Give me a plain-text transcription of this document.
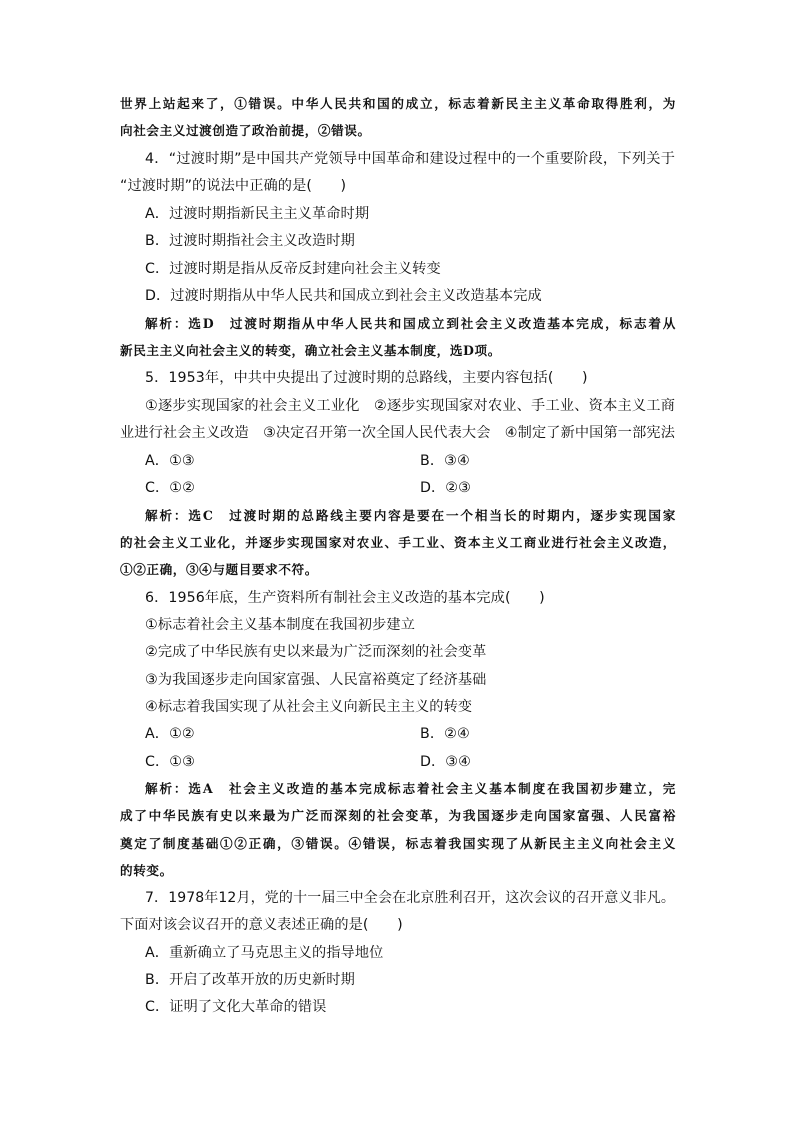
世界上站起来了，①错误。中华人民共和国的成立，标志着新民主主义革命取得胜利，为
向社会主义过渡创造了政治前提，②错误。
4．“过渡时期”是中国共产党领导中国革命和建设过程中的一个重要阶段，下列关于
“过渡时期”的说法中正确的是(　　)
A．过渡时期指新民主主义革命时期
B．过渡时期指社会主义改造时期
C．过渡时期是指从反帝反封建向社会主义转变
D．过渡时期指从中华人民共和国成立到社会主义改造基本完成
解析：选D　过渡时期指从中华人民共和国成立到社会主义改造基本完成，标志着从
新民主主义向社会主义的转变，确立社会主义基本制度，选D项。
5．1953年，中共中央提出了过渡时期的总路线，主要内容包括(　　)
①逐步实现国家的社会主义工业化　②逐步实现国家对农业、手工业、资本主义工商
业进行社会主义改造　③决定召开第一次全国人民代表大会　④制定了新中国第一部宪法
A．①③	B．③④
C．①②	D．②③
解析：选C　过渡时期的总路线主要内容是要在一个相当长的时期内，逐步实现国家
的社会主义工业化，并逐步实现国家对农业、手工业、资本主义工商业进行社会主义改造，
①②正确，③④与题目要求不符。
6．1956年底，生产资料所有制社会主义改造的基本完成(　　)
①标志着社会主义基本制度在我国初步建立
②完成了中华民族有史以来最为广泛而深刻的社会变革
③为我国逐步走向国家富强、人民富裕奠定了经济基础
④标志着我国实现了从社会主义向新民主主义的转变
A．①②	B．②④
C．①③	D．③④
解析：选A　社会主义改造的基本完成标志着社会主义基本制度在我国初步建立，完
成了中华民族有史以来最为广泛而深刻的社会变革，为我国逐步走向国家富强、人民富裕
奠定了制度基础①②正确，③错误。④错误，标志着我国实现了从新民主主义向社会主义
的转变。
7．1978年12月，党的十一届三中全会在北京胜利召开，这次会议的召开意义非凡。
下面对该会议召开的意义表述正确的是(　　)
A．重新确立了马克思主义的指导地位
B．开启了改革开放的历史新时期
C．证明了文化大革命的错误
